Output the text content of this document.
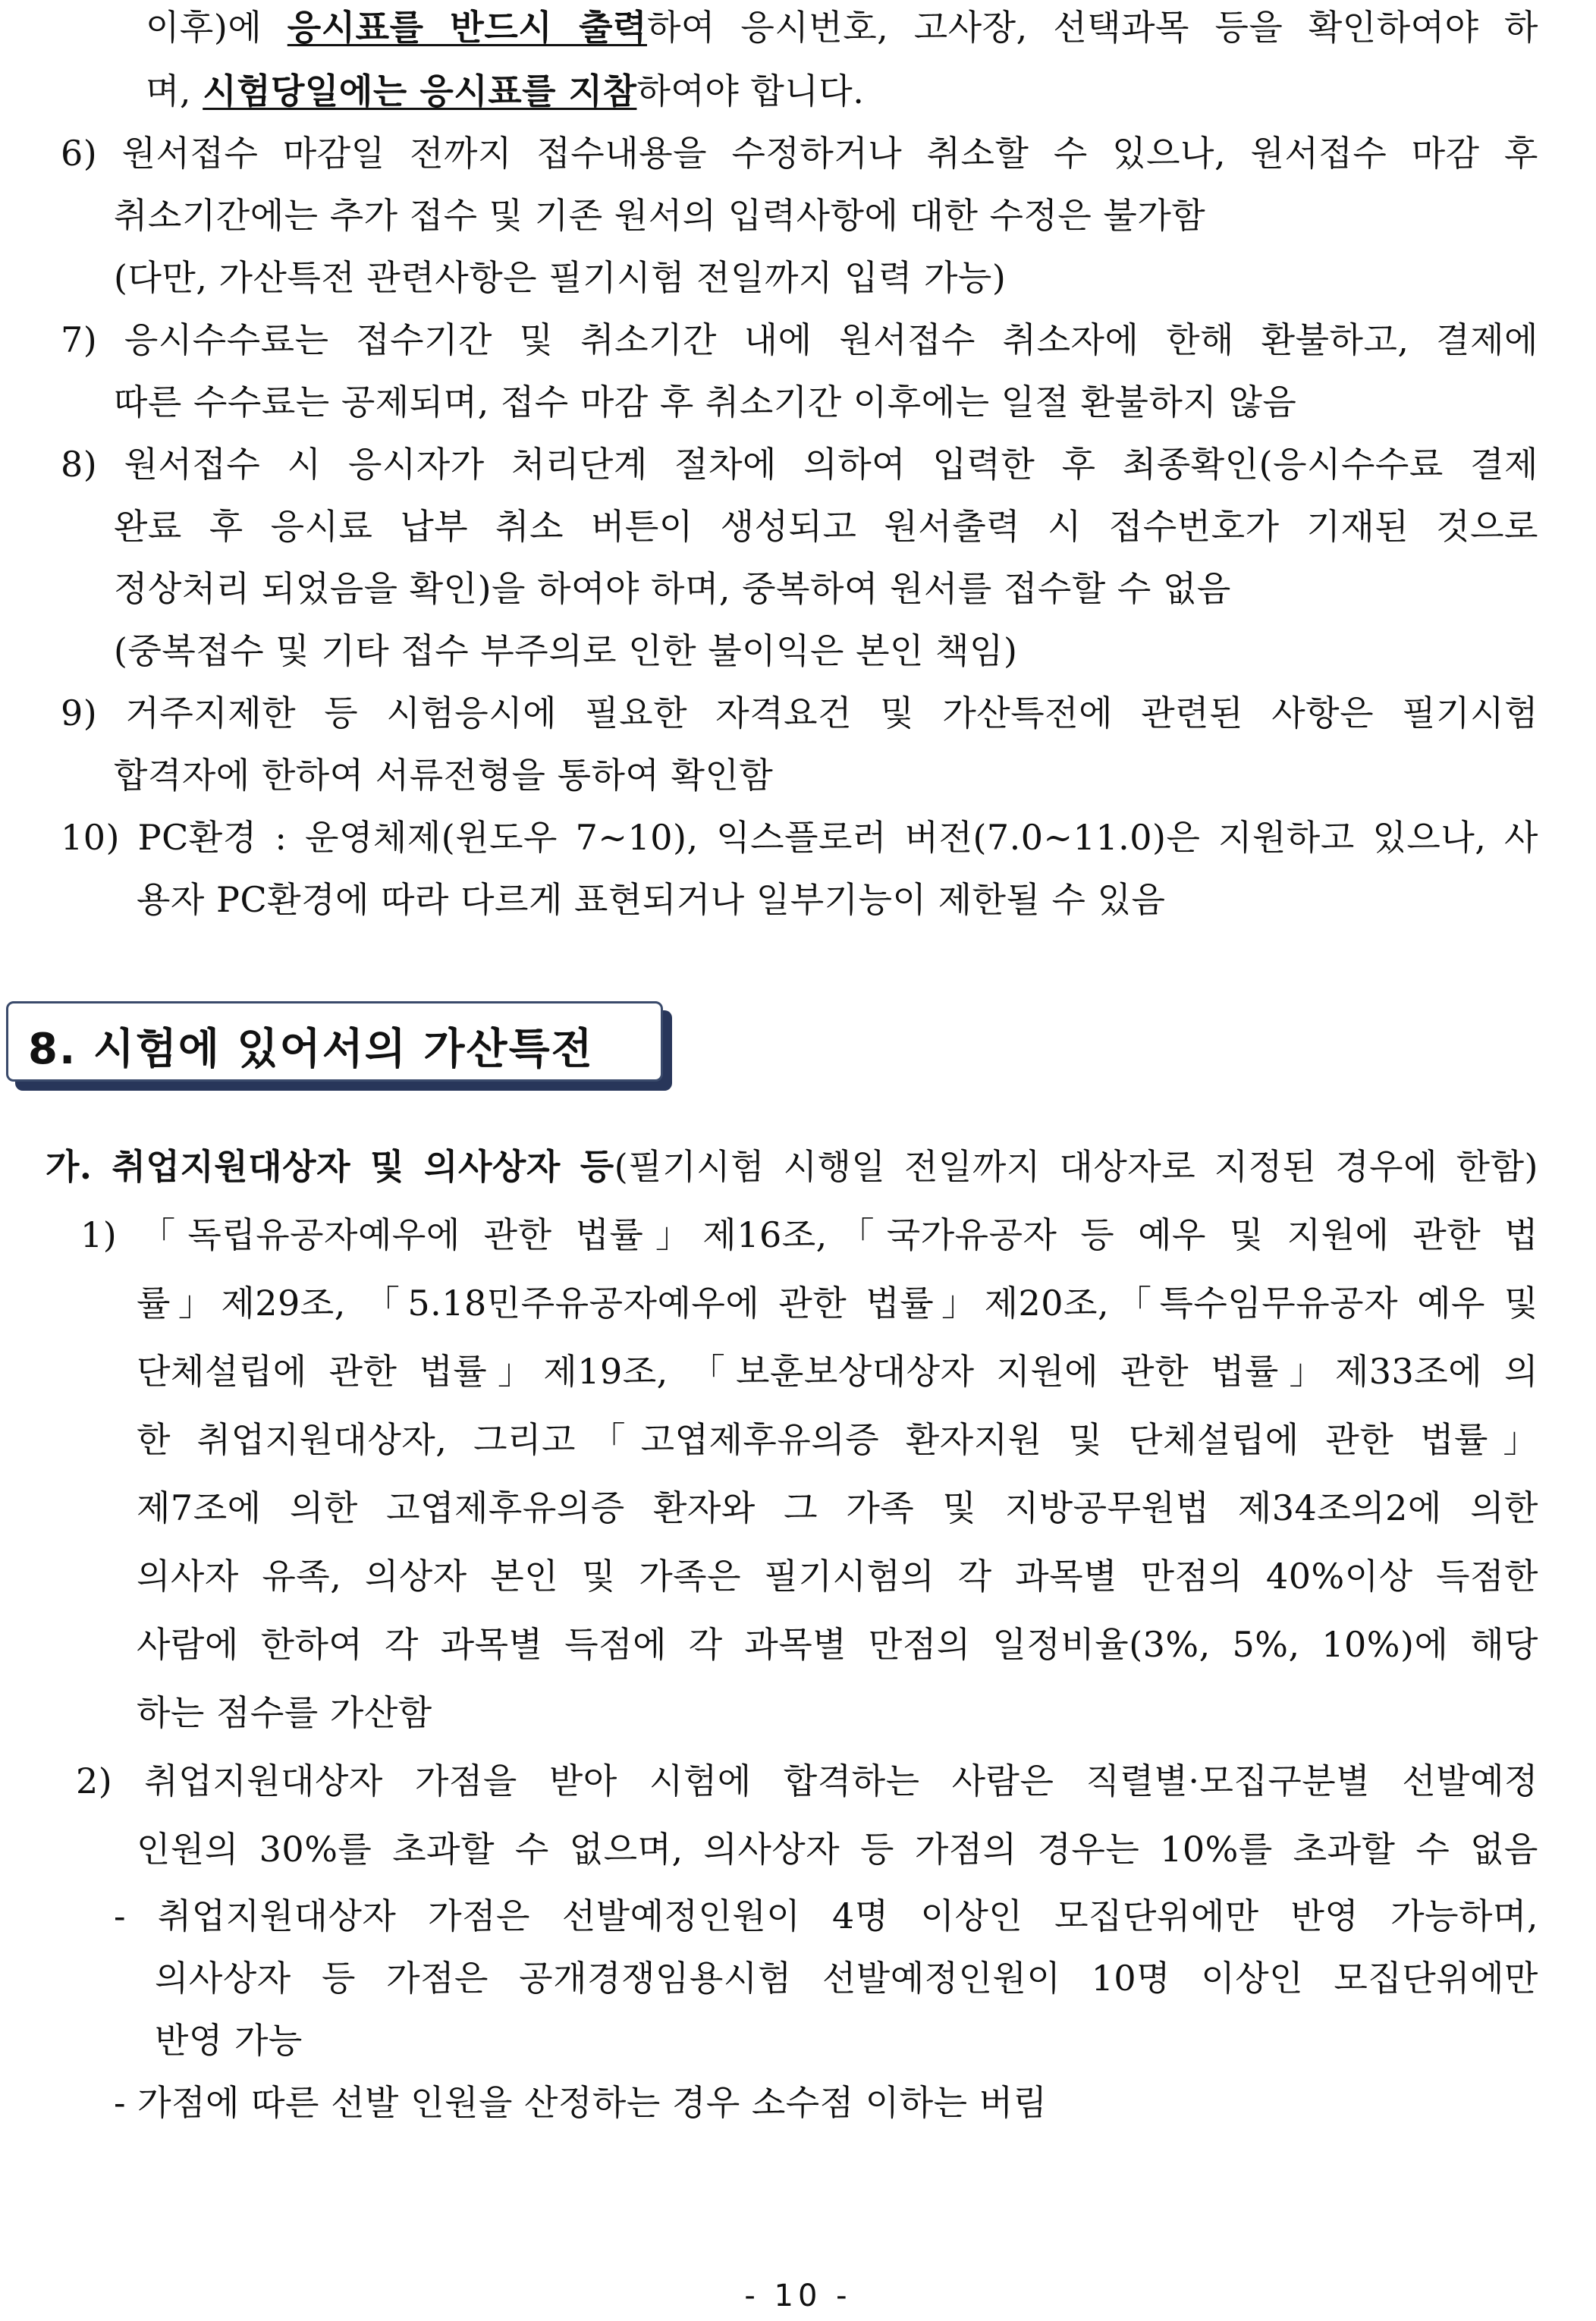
이후)에 응시표를 반드시 출력하여 응시번호, 고사장, 선택과목 등을 확인하여야 하
며, 시험당일에는 응시표를 지참하여야 합니다.
6) 원서접수 마감일 전까지 접수내용을 수정하거나 취소할 수 있으나, 원서접수 마감 후
취소기간에는 추가 접수 및 기존 원서의 입력사항에 대한 수정은 불가함
(다만, 가산특전 관련사항은 필기시험 전일까지 입력 가능)
7) 응시수수료는 접수기간 및 취소기간 내에 원서접수 취소자에 한해 환불하고, 결제에
따른 수수료는 공제되며, 접수 마감 후 취소기간 이후에는 일절 환불하지 않음
8) 원서접수 시 응시자가 처리단계 절차에 의하여 입력한 후 최종확인(응시수수료 결제
완료 후 응시료 납부 취소 버튼이 생성되고 원서출력 시 접수번호가 기재된 것으로
정상처리 되었음을 확인)을 하여야 하며, 중복하여 원서를 접수할 수 없음
(중복접수 및 기타 접수 부주의로 인한 불이익은 본인 책임)
9) 거주지제한 등 시험응시에 필요한 자격요건 및 가산특전에 관련된 사항은 필기시험
합격자에 한하여 서류전형을 통하여 확인함
10) PC환경 : 운영체제(윈도우 7∼10), 익스플로러 버전(7.0∼11.0)은 지원하고 있으나, 사
용자 PC환경에 따라 다르게 표현되거나 일부기능이 제한될 수 있음
8. 시험에 있어서의 가산특전
가. 취업지원대상자 및 의사상자 등(필기시험 시행일 전일까지 대상자로 지정된 경우에 한함)
1) 「독립유공자예우에 관한 법률」제16조,「국가유공자 등 예우 및 지원에 관한 법
률」제29조, 「5.18민주유공자예우에 관한 법률」제20조,「특수임무유공자 예우 및
단체설립에 관한 법률」제19조, 「보훈보상대상자 지원에 관한 법률」제33조에 의
한 취업지원대상자, 그리고「고엽제후유의증 환자지원 및 단체설립에 관한 법률」
제7조에 의한 고엽제후유의증 환자와 그 가족 및 지방공무원법 제34조의2에 의한
의사자 유족, 의상자 본인 및 가족은 필기시험의 각 과목별 만점의 40%이상 득점한
사람에 한하여 각 과목별 득점에 각 과목별 만점의 일정비율(3%, 5%, 10%)에 해당
하는 점수를 가산함
2) 취업지원대상자 가점을 받아 시험에 합격하는 사람은 직렬별·모집구분별 선발예정
인원의 30%를 초과할 수 없으며, 의사상자 등 가점의 경우는 10%를 초과할 수 없음
- 취업지원대상자 가점은 선발예정인원이 4명 이상인 모집단위에만 반영 가능하며,
의사상자 등 가점은 공개경쟁임용시험 선발예정인원이 10명 이상인 모집단위에만
반영 가능
- 가점에 따른 선발 인원을 산정하는 경우 소수점 이하는 버림
- 10 -
